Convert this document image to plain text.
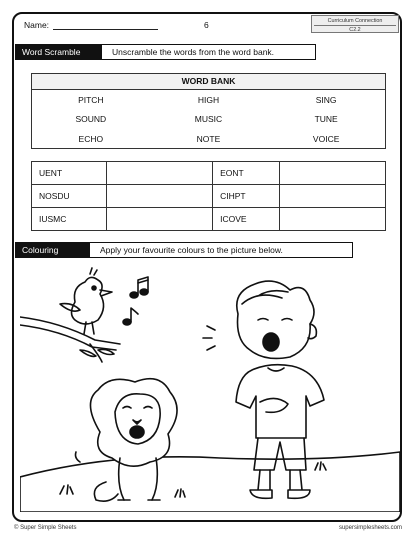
Name:	6	Curriculum Connection
C2.2
Word Scramble	Unscramble the words from the word bank.
WORD BANK
PITCH	HIGH	SING
SOUND	MUSIC	TUNE
ECHO	NOTE	VOICE
UENT		EONT	
NOSDU		CIHPT	
IUSMC		ICOVE	
Colouring	Apply your favourite colours to the picture below.
© Super Simple Sheets	supersimplesheets.com
